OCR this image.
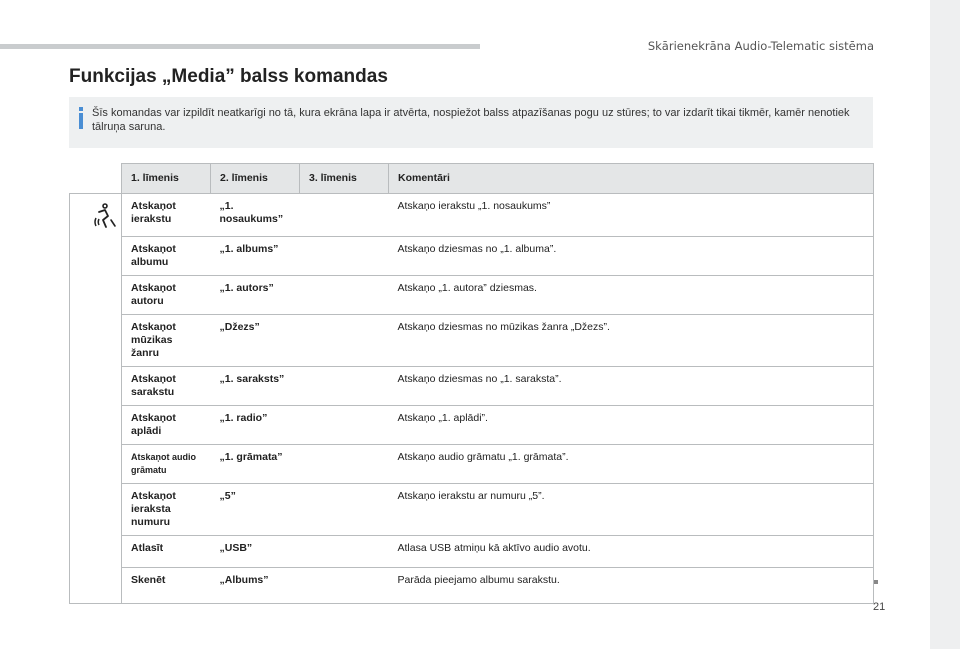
Skārienekrāna Audio-Telematic sistēma
Funkcijas „Media” balss komandas
Šīs komandas var izpildīt neatkarīgi no tā, kura ekrāna lapa ir atvērta, nospiežot balss atpazīšanas pogu uz stūres; to var izdarīt tikai tikmēr, kamēr nenotiek tālruņa saruna.
	1. līmenis	2. līmenis	3. līmenis	Komentāri

	Atskaņot ierakstu	„1. nosaukums”		Atskaņo ierakstu „1. nosaukums”
	Atskaņot albumu	„1. albums”		Atskaņo dziesmas no „1. albuma”.
	Atskaņot autoru	„1. autors”		Atskaņo „1. autora” dziesmas.
	Atskaņot mūzikas žanru	„Džezs”		Atskaņo dziesmas no mūzikas žanra „Džezs”.
	Atskaņot sarakstu	„1. saraksts”		Atskaņo dziesmas no „1. saraksta”.
	Atskaņot aplādi	„1. radio”		Atskaņo „1. aplādi”.
	Atskaņot audio grāmatu	„1. grāmata”		Atskaņo audio grāmatu „1. grāmata”.
	Atskaņot ieraksta numuru	„5”		Atskaņo ierakstu ar numuru „5”.
	Atlasīt	„USB”		Atlasa USB atmiņu kā aktīvo audio avotu.
	Skenēt	„Albums”		Parāda pieejamo albumu sarakstu.
21
